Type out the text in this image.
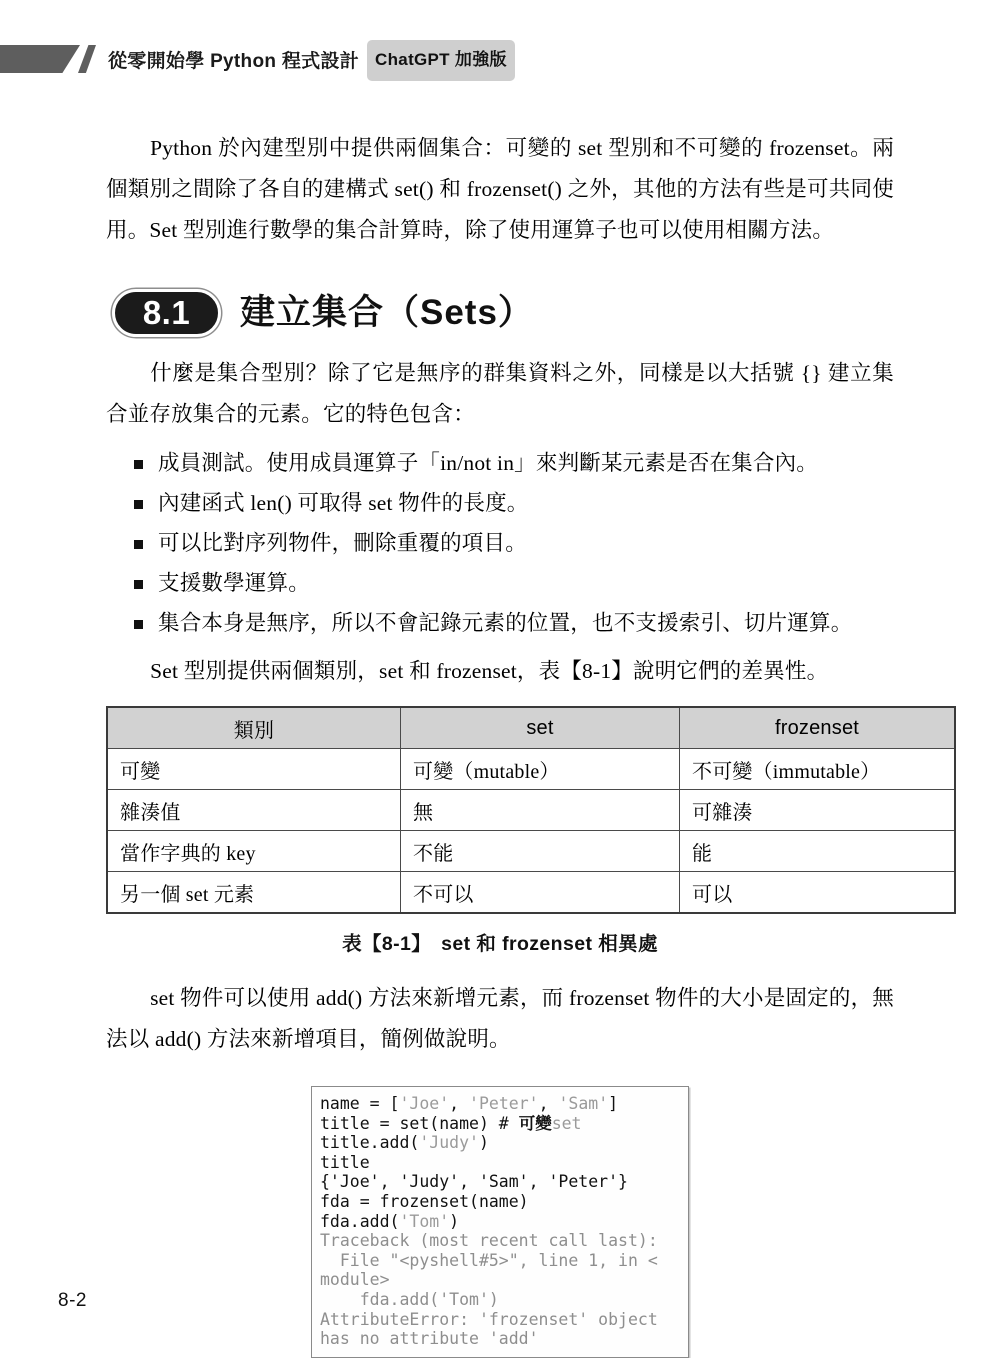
從零開始學 Python 程式設計 ChatGPT 加強版

Python 於內建型別中提供兩個集合：可變的 set 型別和不可變的 frozenset。兩個類別之間除了各自的建構式 set() 和 frozenset() 之外，其他的方法有些是可共同使用。Set 型別進行數學的集合計算時，除了使用運算子也可以使用相關方法。

8.1	建立集合（Sets）

什麼是集合型別？除了它是無序的群集資料之外，同樣是以大括號 {} 建立集合並存放集合的元素。它的特色包含：

成員測試。使用成員運算子「in/not in」來判斷某元素是否在集合內。
內建函式 len() 可取得 set 物件的長度。
可以比對序列物件，刪除重覆的項目。
支援數學運算。
集合本身是無序，所以不會記錄元素的位置，也不支援索引、切片運算。

Set 型別提供兩個類別，set 和 frozenset，表【8-1】說明它們的差異性。

類別	set	frozenset
可變	可變（mutable）	不可變（immutable）
雜湊值	無	可雜湊
當作字典的 key	不能	能
另一個 set 元素	不可以	可以
表【8-1】 set 和 frozenset 相異處

set 物件可以使用 add() 方法來新增元素，而 frozenset 物件的大小是固定的，無法以 add() 方法來新增項目，簡例做說明。

name = ['Joe', 'Peter', 'Sam']
title = set(name) # 可變set
title.add('Judy')
title
{'Joe', 'Judy', 'Sam', 'Peter'}
fda = frozenset(name)
fda.add('Tom')
Traceback (most recent call last):
File "<pyshell#5>", line 1, in <
module>
fda.add('Tom')
AttributeError: 'frozenset' object
has no attribute 'add'
8-2
